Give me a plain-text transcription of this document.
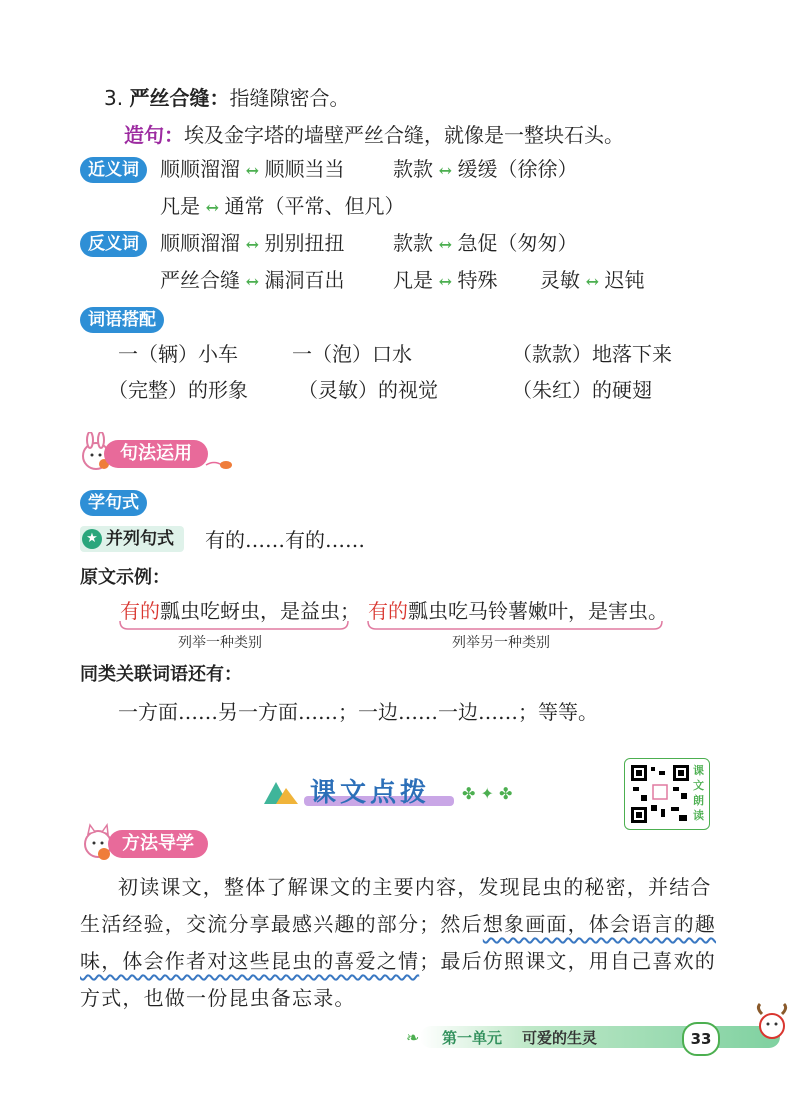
3. 严丝合缝：指缝隙密合。
造句：埃及金字塔的墙壁严丝合缝，就像是一整块石头。
近义词	顺顺溜溜 ↔ 顺顺当当 款款 ↔ 缓缓（徐徐）
凡是 ↔ 通常（平常、但凡）
反义词	顺顺溜溜 ↔ 别别扭扭 款款 ↔ 急促（匆匆）
严丝合缝 ↔ 漏洞百出 凡是 ↔ 特殊 灵敏 ↔ 迟钝
词语搭配
一（辆）小车	一（泡）口水	（款款）地落下来
（完整）的形象	（灵敏）的视觉	（朱红）的硬翅
句法运用
学句式
★ 并列句式	有的……有的……
原文示例：
有的瓢虫吃蚜虫，是益虫； 有的瓢虫吃马铃薯嫩叶，是害虫。
列举一种类别	列举另一种类别
同类关联词语还有：
一方面……另一方面……；一边……一边……；等等。
课文点拨 ✤ ✦ ✤
课
文
朗
读
方法导学
初读课文，整体了解课文的主要内容，发现昆虫的秘密，并结合
生活经验，交流分享最感兴趣的部分；然后想象画面，体会语言的趣
味，体会作者对这些昆虫的喜爱之情；最后仿照课文，用自己喜欢的
方式，也做一份昆虫备忘录。
❧ 第一单元 可爱的生灵	33
